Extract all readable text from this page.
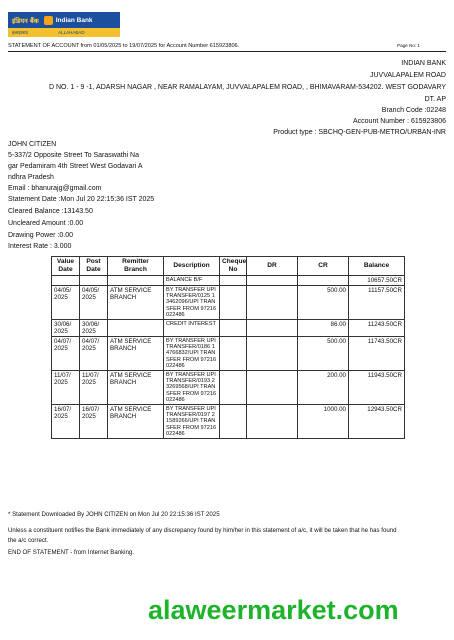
इंडियन बैंक	Indian Bank
इलाहाबाद	ALLAHABAD
STATEMENT OF ACCOUNT from 01/05/2025 to 19/07/2025 for Account Number 615923806.	Page No: 1
INDIAN BANK
JUVVALAPALEM ROAD
D NO. 1 - 9 -1, ADARSH NAGAR , NEAR RAMALAYAM, JUVVALAPALEM ROAD, , BHIMAVARAM-534202. WEST GODAVARY
DT. AP
Branch Code :02248
Account Number : 615923806
Product type : SBCHQ-GEN-PUB-METRO/URBAN-INR
JOHN CITIZEN
5-337/2 Opposite Street To Saraswathi Na
gar Pedamiram 4th Street West Godavari A
ndhra Pradesh
Email : bhanurajg@gmail.com
Statement Date :Mon Jul 20 22:15:36 IST 2025
Cleared Balance :13143.50
Uncleared Amount :0.00
Drawing Power :0.00
Interest Rate : 3.000
Value Date	Post Date	Remitter Branch	Description	Cheque No	DR	CR	Balance
			BALANCE B/F				10657.50CR
04/05/ 2025	04/05/ 2025	ATM SERVICE BRANCH	BY TRANSFER UPI TRANSFER/0125 13462096/UPI TRANSFER FROM 97216022486			500.00	11157.50CR
30/06/ 2025	30/06/ 2025		CREDIT INTEREST			86.00	11243.50CR
04/07/ 2025	04/07/ 2025	ATM SERVICE BRANCH	BY TRANSFER UPI TRANSFER/0186 14766832/UPI TRANSFER FROM 97216022486			500.00	11743.50CR
11/07/ 2025	11/07/ 2025	ATM SERVICE BRANCH	BY TRANSFER UPI TRANSFER/0193 23269568/UPI TRANSFER FROM 97216022486			200.00	11943.50CR
16/07/ 2025	16/07/ 2025	ATM SERVICE BRANCH	BY TRANSFER UPI TRANSFER/0197 21589266/UPI TRANSFER FROM 97216022486			1000.00	12943.50CR
* Statement Downloaded By JOHN CITIZEN on Mon Jul 20 22:15:36 IST 2025
Unless a constituent notifies the Bank immediately of any discrepancy found by him/her in this statement of a/c, it will be taken that he has found
the a/c correct.
END OF STATEMENT - from Internet Banking.
alaweermarket.com
